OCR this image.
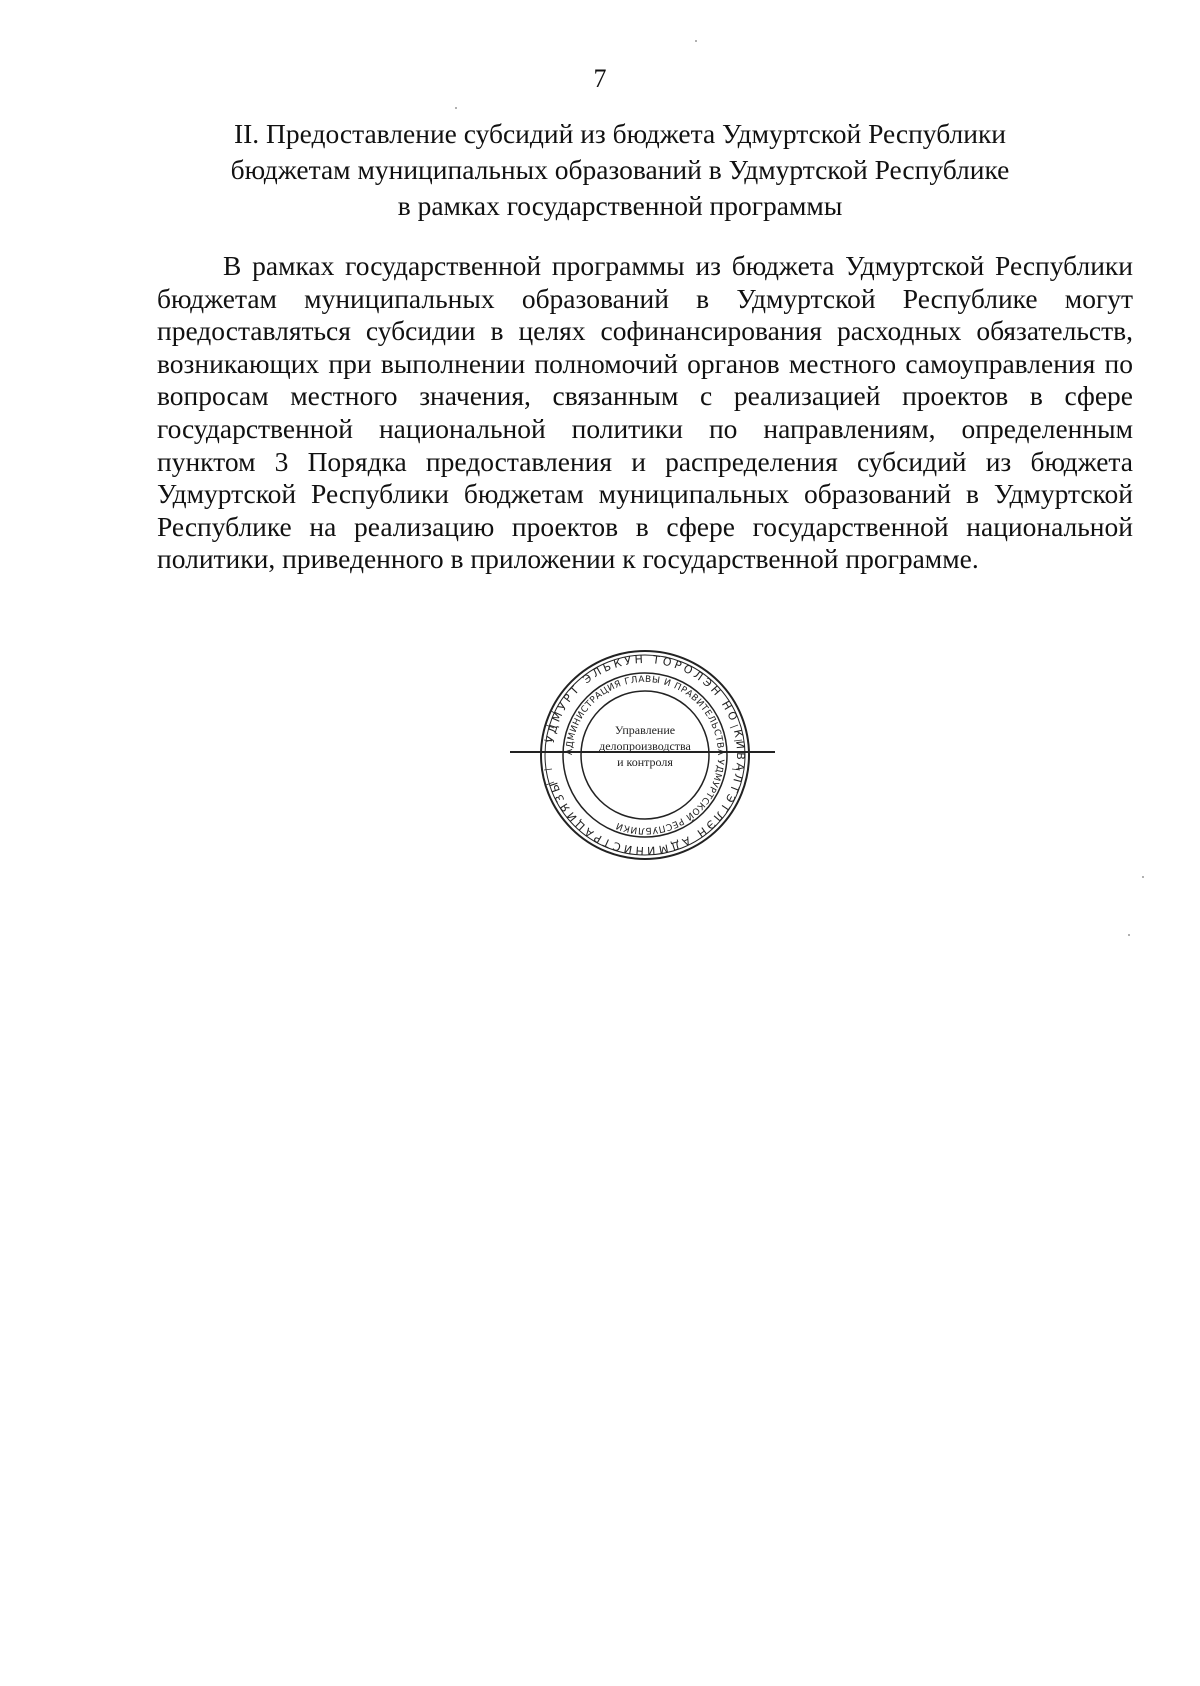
7
II. Предоставление субсидий из бюджета Удмуртской Республики
бюджетам муниципальных образований в Удмуртской Республике
в рамках государственной программы

В рамках государственной программы из бюджета Удмуртской Республики бюджетам муниципальных образований в Удмуртской Республике могут предоставляться субсидии в целях софинансирования расходных обязательств, возникающих при выполнении полномочий органов местного самоуправления по вопросам местного значения, связанным с реализацией проектов в сфере государственной национальной политики по направлениям, определенным пунктом 3 Порядка предоставления и распределения субсидий из бюджета Удмуртской Республики бюджетам муниципальных образований в Удмуртской Республике на реализацию проектов в сфере государственной национальной политики, приведенного в приложении к государственной программе.

УДМУРТ ЭЛЬКУН ТОРОЛЭН НО КИВАЛТЭТЛЭН АДМИНИСТРАЦИЯЗЫ
АДМИНИСТРАЦИЯ ГЛАВЫ И ПРАВИТЕЛЬСТВА УДМУРТСКОЙ РЕСПУБЛИКИ
Управление
делопроизводства
и контроля
